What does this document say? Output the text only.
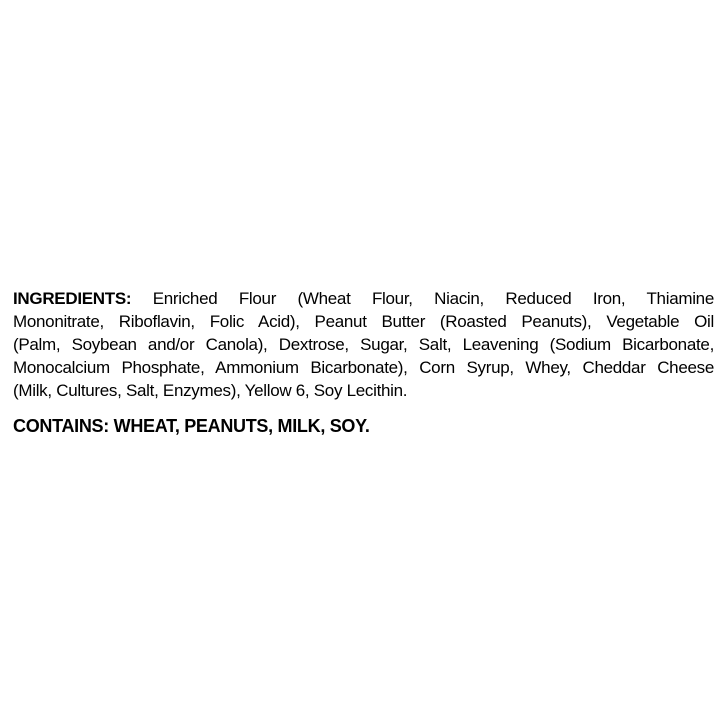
INGREDIENTS: Enriched Flour (Wheat Flour, Niacin, Reduced Iron, Thiamine
Mononitrate, Riboflavin, Folic Acid), Peanut Butter (Roasted Peanuts), Vegetable Oil
(Palm, Soybean and/or Canola), Dextrose, Sugar, Salt, Leavening (Sodium Bicarbonate,
Monocalcium Phosphate, Ammonium Bicarbonate), Corn Syrup, Whey, Cheddar Cheese
(Milk, Cultures, Salt, Enzymes), Yellow 6, Soy Lecithin.
CONTAINS: WHEAT, PEANUTS, MILK, SOY.
